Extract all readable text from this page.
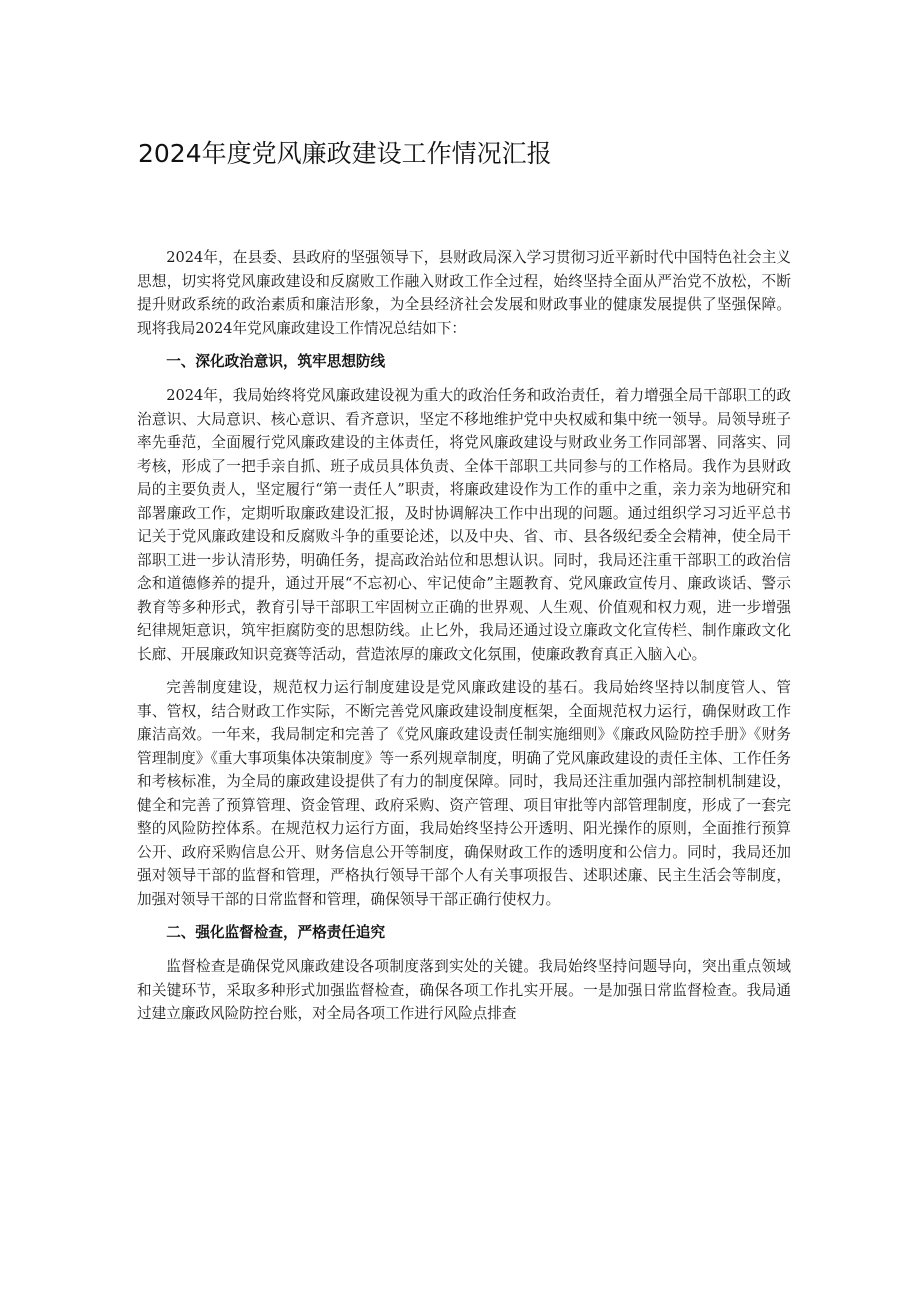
2024年度党风廉政建设工作情况汇报

2024年，在县委、县政府的坚强领导下，县财政局深入学习贯彻习近平新时代中国特色社会主义思想，切实将党风廉政建设和反腐败工作融入财政工作全过程，始终坚持全面从严治党不放松，不断提升财政系统的政治素质和廉洁形象，为全县经济社会发展和财政事业的健康发展提供了坚强保障。现将我局2024年党风廉政建设工作情况总结如下：

一、深化政治意识，筑牢思想防线

2024年，我局始终将党风廉政建设视为重大的政治任务和政治责任，着力增强全局干部职工的政治意识、大局意识、核心意识、看齐意识，坚定不移地维护党中央权威和集中统一领导。局领导班子率先垂范，全面履行党风廉政建设的主体责任，将党风廉政建设与财政业务工作同部署、同落实、同考核，形成了一把手亲自抓、班子成员具体负责、全体干部职工共同参与的工作格局。我作为县财政局的主要负责人，坚定履行“第一责任人”职责，将廉政建设作为工作的重中之重，亲力亲为地研究和部署廉政工作，定期听取廉政建设汇报，及时协调解决工作中出现的问题。通过组织学习习近平总书记关于党风廉政建设和反腐败斗争的重要论述，以及中央、省、市、县各级纪委全会精神，使全局干部职工进一步认清形势，明确任务，提高政治站位和思想认识。同时，我局还注重干部职工的政治信念和道德修养的提升，通过开展“不忘初心、牢记使命”主题教育、党风廉政宣传月、廉政谈话、警示教育等多种形式，教育引导干部职工牢固树立正确的世界观、人生观、价值观和权力观，进一步增强纪律规矩意识，筑牢拒腐防变的思想防线。止匕外，我局还通过设立廉政文化宣传栏、制作廉政文化长廊、开展廉政知识竞赛等活动，营造浓厚的廉政文化氛围，使廉政教育真正入脑入心。

完善制度建设，规范权力运行制度建设是党风廉政建设的基石。我局始终坚持以制度管人、管事、管权，结合财政工作实际，不断完善党风廉政建设制度框架，全面规范权力运行，确保财政工作廉洁高效。一年来，我局制定和完善了《党风廉政建设责任制实施细则》《廉政风险防控手册》《财务管理制度》《重大事项集体决策制度》等一系列规章制度，明确了党风廉政建设的责任主体、工作任务和考核标准，为全局的廉政建设提供了有力的制度保障。同时，我局还注重加强内部控制机制建设，健全和完善了预算管理、资金管理、政府采购、资产管理、项目审批等内部管理制度，形成了一套完整的风险防控体系。在规范权力运行方面，我局始终坚持公开透明、阳光操作的原则，全面推行预算公开、政府采购信息公开、财务信息公开等制度，确保财政工作的透明度和公信力。同时，我局还加强对领导干部的监督和管理，严格执行领导干部个人有关事项报告、述职述廉、民主生活会等制度，加强对领导干部的日常监督和管理，确保领导干部正确行使权力。

二、强化监督检查，严格责任追究

监督检查是确保党风廉政建设各项制度落到实处的关键。我局始终坚持问题导向，突出重点领域和关键环节，采取多种形式加强监督检查，确保各项工作扎实开展。一是加强日常监督检查。我局通过建立廉政风险防控台账，对全局各项工作进行风险点排查
